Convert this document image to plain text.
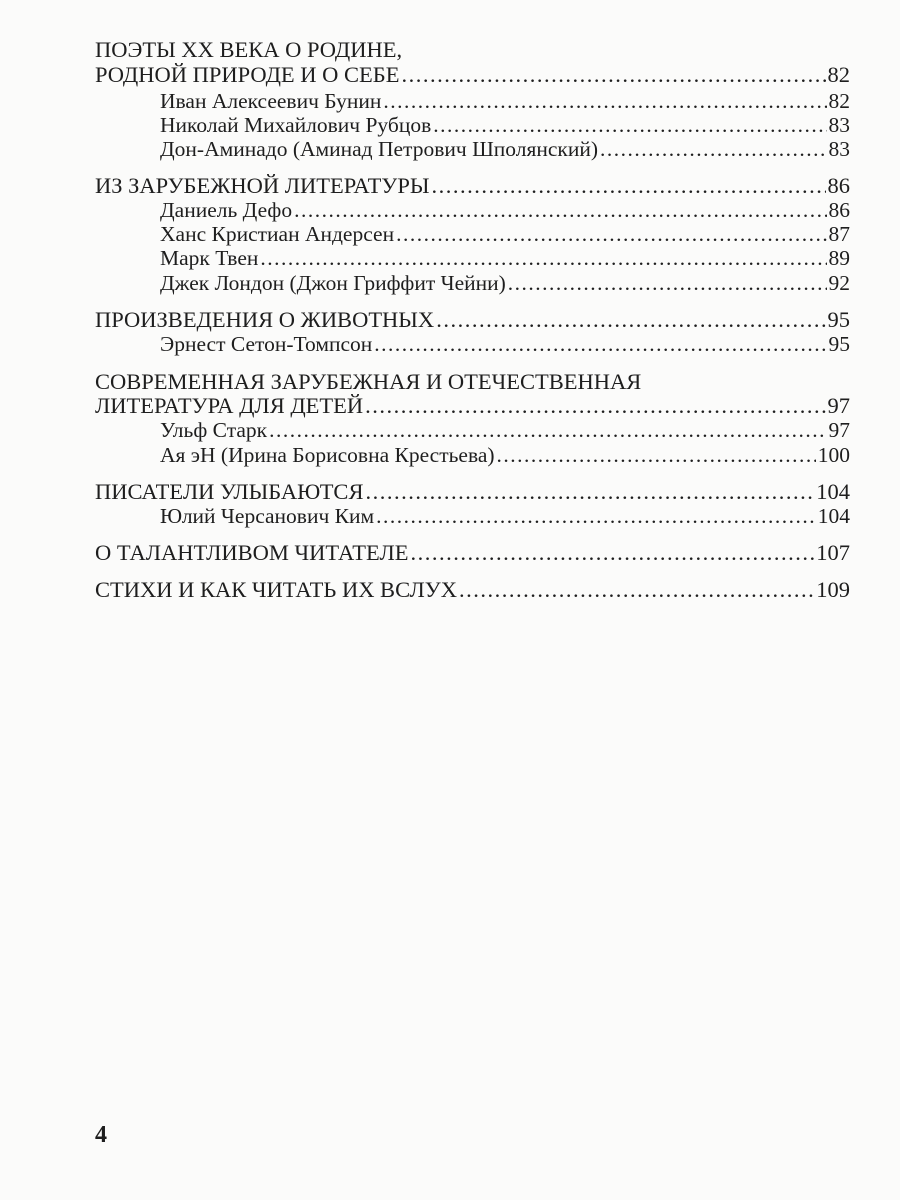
ПОЭТЫ XX ВЕКА О РОДИНЕ,
РОДНОЙ ПРИРОДЕ И О СЕБЕ .....	82
Иван Алексеевич Бунин .....	82
Николай Михайлович Рубцов .....	83
Дон-Аминадо (Аминад Петрович Шполянский) .....	83
ИЗ ЗАРУБЕЖНОЙ ЛИТЕРАТУРЫ .....	86
Даниель Дефо .....	86
Ханс Кристиан Андерсен .....	87
Марк Твен .....	89
Джек Лондон (Джон Гриффит Чейни) .....	92
ПРОИЗВЕДЕНИЯ О ЖИВОТНЫХ .....	95
Эрнест Сетон-Томпсон .....	95
СОВРЕМЕННАЯ ЗАРУБЕЖНАЯ И ОТЕЧЕСТВЕННАЯ
ЛИТЕРАТУРА ДЛЯ ДЕТЕЙ .....	97
Ульф Старк .....	97
Ая эН (Ирина Борисовна Крестьева) .....	100
ПИСАТЕЛИ УЛЫБАЮТСЯ .....	104
Юлий Черсанович Ким .....	104
О ТАЛАНТЛИВОМ ЧИТАТЕЛЕ .....	107
СТИХИ И КАК ЧИТАТЬ ИХ ВСЛУХ .....	109
4
